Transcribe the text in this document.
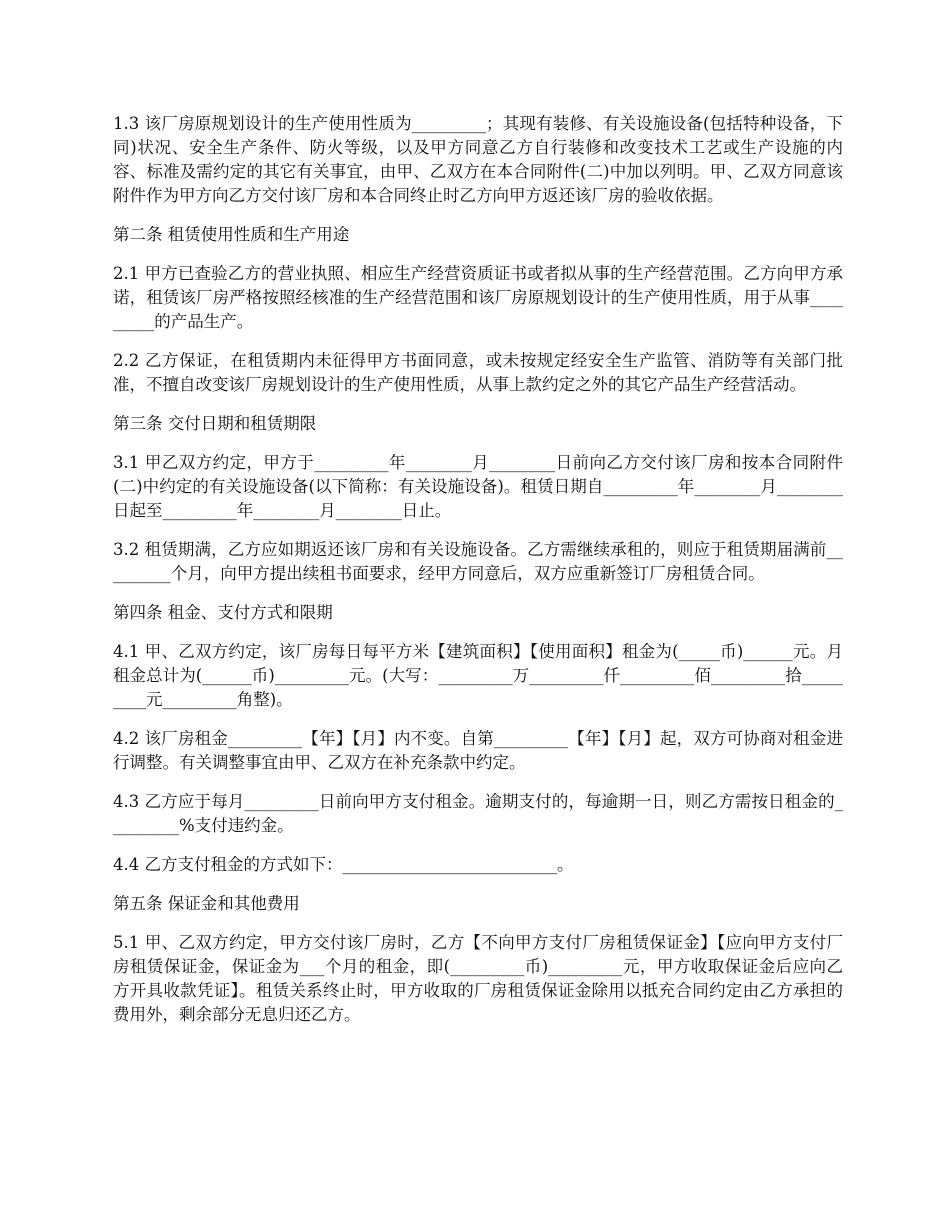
1.3 该厂房原规划设计的生产使用性质为_________；其现有装修、有关设施设备(包括特种设备，下同)状况、安全生产条件、防火等级，以及甲方同意乙方自行装修和改变技术工艺或生产设施的内容、标准及需约定的其它有关事宜，由甲、乙双方在本合同附件(二)中加以列明。甲、乙双方同意该附件作为甲方向乙方交付该厂房和本合同终止时乙方向甲方返还该厂房的验收依据。

第二条 租赁使用性质和生产用途

2.1 甲方已查验乙方的营业执照、相应生产经营资质证书或者拟从事的生产经营范围。乙方向甲方承诺，租赁该厂房严格按照经核准的生产经营范围和该厂房原规划设计的生产使用性质，用于从事_________的产品生产。

2.2 乙方保证，在租赁期内未征得甲方书面同意，或未按规定经安全生产监管、消防等有关部门批准，不擅自改变该厂房规划设计的生产使用性质，从事上款约定之外的其它产品生产经营活动。

第三条 交付日期和租赁期限

3.1 甲乙双方约定，甲方于_________年________月________日前向乙方交付该厂房和按本合同附件(二)中约定的有关设施设备(以下简称：有关设施设备)。租赁日期自_________年________月________日起至_________年________月________日止。

3.2 租赁期满，乙方应如期返还该厂房和有关设施设备。乙方需继续承租的，则应于租赁期届满前_________个月，向甲方提出续租书面要求，经甲方同意后，双方应重新签订厂房租赁合同。

第四条 租金、支付方式和限期

4.1 甲、乙双方约定，该厂房每日每平方米【建筑面积】【使用面积】租金为(_____币)______元。月租金总计为(______币)_________元。(大写：_________万_________仟_________佰_________拾_________元_________角整)。

4.2 该厂房租金_________【年】【月】内不变。自第_________【年】【月】起，双方可协商对租金进行调整。有关调整事宜由甲、乙双方在补充条款中约定。

4.3 乙方应于每月_________日前向甲方支付租金。逾期支付的，每逾期一日，则乙方需按日租金的_________%支付违约金。

4.4 乙方支付租金的方式如下：__________________________。

第五条 保证金和其他费用

5.1 甲、乙双方约定，甲方交付该厂房时，乙方【不向甲方支付厂房租赁保证金】【应向甲方支付厂房租赁保证金，保证金为___个月的租金，即(_________币)_________元，甲方收取保证金后应向乙方开具收款凭证】。租赁关系终止时，甲方收取的厂房租赁保证金除用以抵充合同约定由乙方承担的费用外，剩余部分无息归还乙方。
